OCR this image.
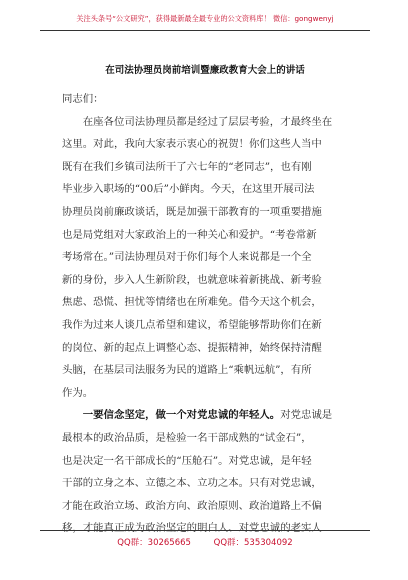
关注头条号“公文研究”，获得最新最全最专业的公文资料库！ 微信：gongwenyj
在司法协理员岗前培训暨廉政教育大会上的讲话
同志们：
　　在座各位司法协理员都是经过了层层考验，才最终坐在
这里。对此，我向大家表示衷心的祝贺！你们这些人当中
既有在我们乡镇司法所干了六七年的“老同志”，也有刚
毕业步入职场的“00后”小鲜肉。今天，在这里开展司法
协理员岗前廉政谈话，既是加强干部教育的一项重要措施
也是局党组对大家政治上的一种关心和爱护。“考卷常新
考场常在。”司法协理员对于你们每个人来说都是一个全
新的身份，步入人生新阶段，也就意味着新挑战、新考验
焦虑、恐慌、担忧等情绪也在所难免。借今天这个机会，
我作为过来人谈几点希望和建议，希望能够帮助你们在新
的岗位、新的起点上调整心态、提振精神，始终保持清醒
头脑，在基层司法服务为民的道路上“乘帆远航”，有所
作为。
　　一要信念坚定，做一个对党忠诚的年轻人。对党忠诚是
最根本的政治品质，是检验一名干部成熟的“试金石”，
也是决定一名干部成长的“压舱石”。对党忠诚，是年轻
干部的立身之本、立德之本、立功之本。只有对党忠诚，
才能在政治立场、政治方向、政治原则、政治道路上不偏
移，才能真正成为政治坚定的明白人、对党忠诚的老实人
QQ群：30265665	QQ群：535304092
